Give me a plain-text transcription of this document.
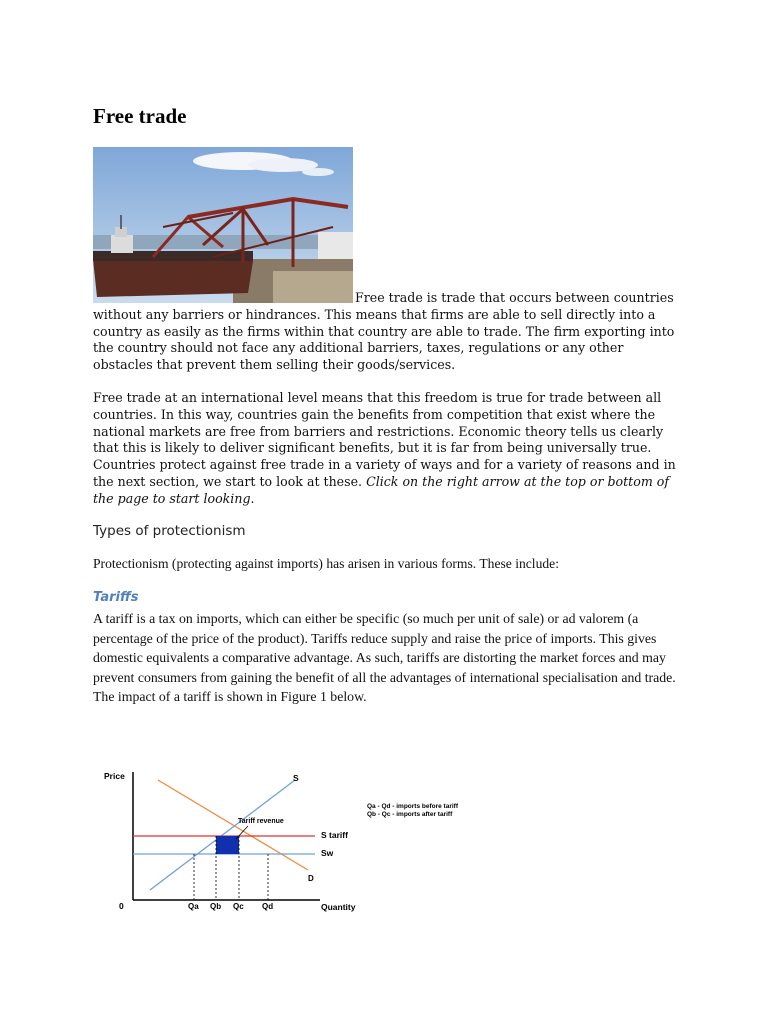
Free trade

Free trade is trade that occurs between countries without any barriers or hindrances. This means that firms are able to sell directly into a country as easily as the firms within that country are able to trade. The firm exporting into the country should not face any additional barriers, taxes, regulations or any other obstacles that prevent them selling their goods/services.

Free trade at an international level means that this freedom is true for trade between all countries. In this way, countries gain the benefits from competition that exist where the national markets are free from barriers and restrictions. Economic theory tells us clearly that this is likely to deliver significant benefits, but it is far from being universally true. Countries protect against free trade in a variety of ways and for a variety of reasons and in the next section, we start to look at these. Click on the right arrow at the top or bottom of the page to start looking.

Types of protectionism

Protectionism (protecting against imports) has arisen in various forms. These include:

Tariffs

A tariff is a tax on imports, which can either be specific (so much per unit of sale) or ad valorem (a percentage of the price of the product). Tariffs reduce supply and raise the price of imports. This gives domestic equivalents a comparative advantage. As such, tariffs are distorting the market forces and may prevent consumers from gaining the benefit of all the advantages of international specialisation and trade. The impact of a tariff is shown in Figure 1 below.

Price
0	Quantity
S
D
S tariff
Sw
Tariff revenue
Qa - Qd - imports before tariff
Qb - Qc - imports after tariff
Qa Qb Qc Qd
